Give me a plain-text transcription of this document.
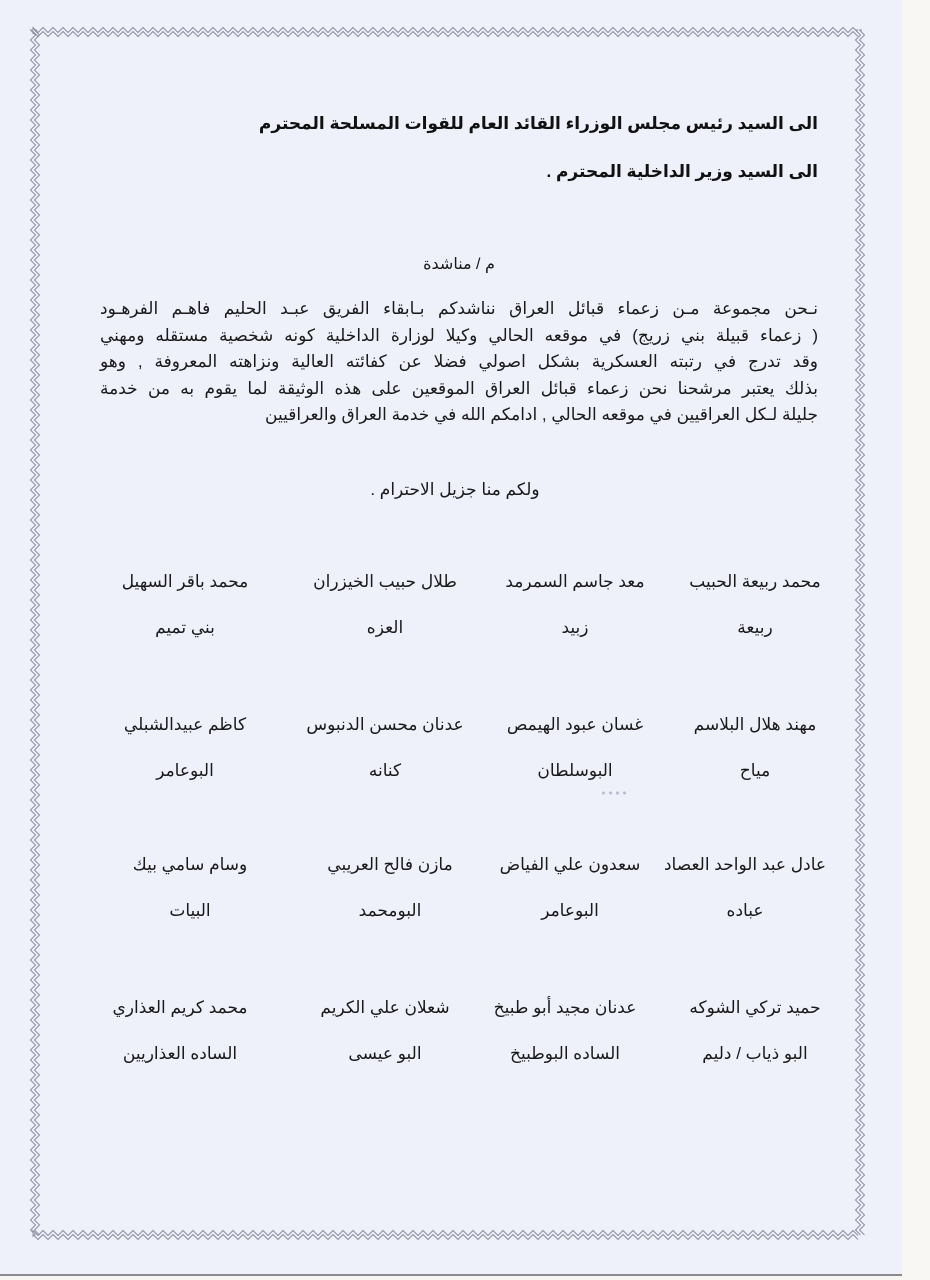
الى السيد رئيس مجلس الوزراء القائد العام للقوات المسلحة المحترم
الى السيد وزير الداخلية المحترم .
م / مناشدة
نـحن مجموعة مـن زعماء قبائل العراق نناشدكم بـابقاء الفريق عبـد الحليم فاهـم الفرهـود
( زعماء قبيلة بني زريج) في موقعه الحالي وكيلا لوزارة الداخلية كونه شخصية مستقله ومهني
وقد تدرج في رتبته العسكرية بشكل اصولي فضلا عن كفائته العالية ونزاهته المعروفة , وهو
بذلك يعتبر مرشحنا نحن زعماء قبائل العراق الموقعين على هذه الوثيقة لما يقوم به من خدمة
جليلة لـكل العراقيين في موقعه الحالي , ادامكم الله في خدمة العراق والعراقيين
ولكم منا جزيل الاحترام .
محمد ربيعة الحبيب
ربيعة
معد جاسم السمرمد
زبيد
طلال حبيب الخيزران
العزه
محمد باقر السهيل
بني تميم
مهند هلال البلاسم
مياح
غسان عبود الهيمص
البوسلطان
عدنان محسن الدنبوس
كنانه
كاظم عبيدالشبلي
البوعامر
عادل عبد الواحد العصاد
عباده
سعدون علي الفياض
البوعامر
مازن فالح العريبي
البومحمد
وسام سامي بيك
البيات
حميد تركي الشوكه
البو ذياب / دليم
عدنان مجيد أبو طبيخ
الساده البوطبيخ
شعلان علي الكريم
البو عيسى
محمد كريم العذاري
الساده العذاريين
